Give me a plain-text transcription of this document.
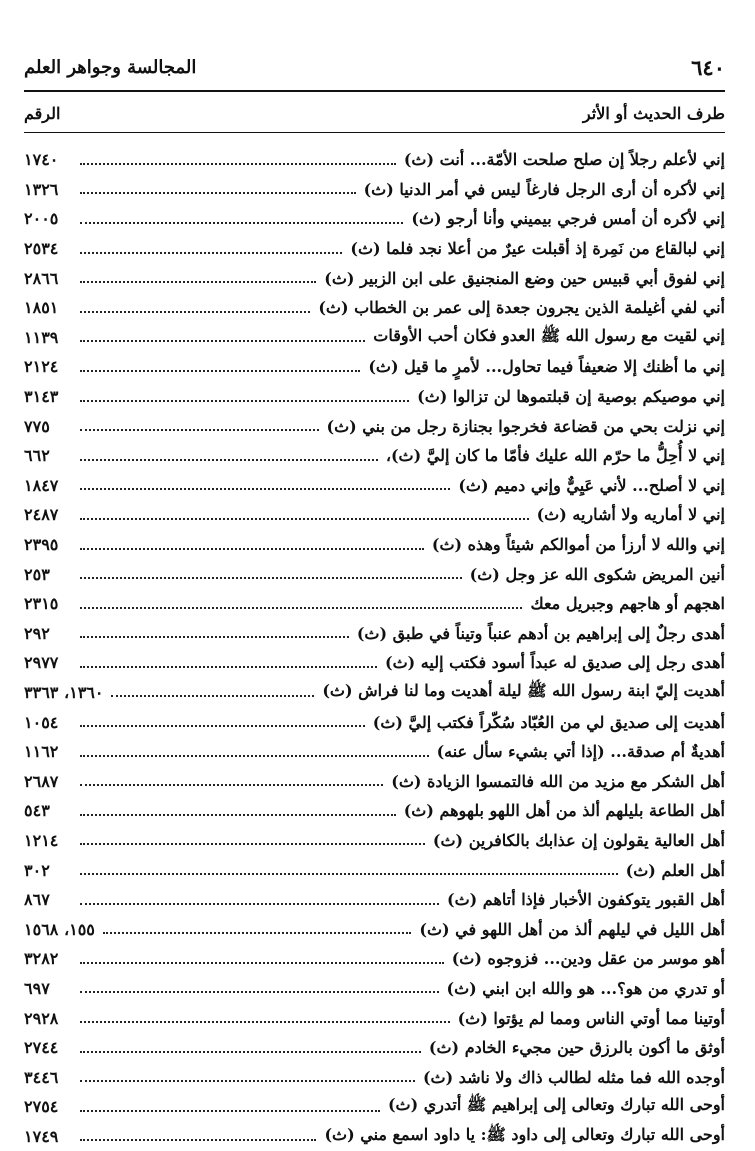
٦٤٠
المجالسة وجواهر العلم
طرف الحديث أو الأثر
الرقم
إني لأعلم رجلاً إن صلح صلحت الأمّة... أنت (ث)
١٧٤٠
إني لأكره أن أرى الرجل فارغاً ليس في أمر الدنيا (ث)
١٣٢٦
إني لأكره أن أمس فرجي بيميني وأنا أرجو (ث)
٢٠٠٥
إني لبالقاع من نَمِرة إذ أقبلت عيرٌ من أعلا نجد فلما (ث)
٢٥٣٤
إني لفوق أبي قبيس حين وضع المنجنيق على ابن الزبير (ث)
٢٨٦٦
أني لفي أغيلمة الذين يجرون جعدة إلى عمر بن الخطاب (ث)
١٨٥١
إني لقيت مع رسول الله ﷺ العدو فكان أحب الأوقات
١١٣٩
إني ما أظنك إلا ضعيفاً فيما تحاول... لأمرٍ ما قيل (ث)
٢١٢٤
إني موصيكم بوصية إن قبلتموها لن تزالوا (ث)
٣١٤٣
إني نزلت بحي من قضاعة فخرجوا بجنازة رجل من بني (ث)
٧٧٥
إني لا أُحِلُّ ما حرّم الله عليك فأمّا ما كان إليَّ (ث)،
٦٦٢
إني لا أصلح... لأني عَيِيٌّ وإني دميم (ث)
١٨٤٧
إني لا أماريه ولا أشاريه (ث)
٢٤٨٧
إني والله لا أرزأ من أموالكم شيئاً وهذه (ث)
٢٣٩٥
أنين المريض شكوى الله عز وجل (ث)
٢٥٣
اهجهم أو هاجهم وجبريل معك
٢٣١٥
أهدى رجلٌ إلى إبراهيم بن أدهم عنباً وتيناً في طبق (ث)
٢٩٢
أهدى رجل إلى صديق له عبداً أسود فكتب إليه (ث)
٢٩٧٧
أهديت إليّ ابنة رسول الله ﷺ ليلة أهديت وما لنا فراش (ث)
١٣٦٠، ٣٣٦٣
أهديت إلى صديق لي من العُبّاد سُكّراً فكتب إليَّ (ث)
١٠٥٤
أهديةٌ أم صدقة... (إذا أتي بشيء سأل عنه)
١١٦٢
أهل الشكر مع مزيد من الله فالتمسوا الزيادة (ث)
٢٦٨٧
أهل الطاعة بليلهم ألذ من أهل اللهو بلهوهم (ث)
٥٤٣
أهل العالية يقولون إن عذابك بالكافرين (ث)
١٢١٤
أهل العلم (ث)
٣٠٢
أهل القبور يتوكفون الأخبار فإذا أتاهم (ث)
٨٦٧
أهل الليل في ليلهم ألذ من أهل اللهو في (ث)
١٥٥، ١٥٦٨
أهو موسر من عقل ودين... فزوجوه (ث)
٣٢٨٢
أو تدري من هو؟... هو والله ابن ابني (ث)
٦٩٧
أوتينا مما أوتي الناس ومما لم يؤتوا (ث)
٢٩٢٨
أوثق ما أكون بالرزق حين مجيء الخادم (ث)
٢٧٤٤
أوجده الله فما مثله لطالب ذاك ولا ناشد (ث)
٣٤٤٦
أوحى الله تبارك وتعالى إلى إبراهيم ﷺ أتدري (ث)
٢٧٥٤
أوحى الله تبارك وتعالى إلى داود ﷺ: يا داود اسمع مني (ث)
١٧٤٩
